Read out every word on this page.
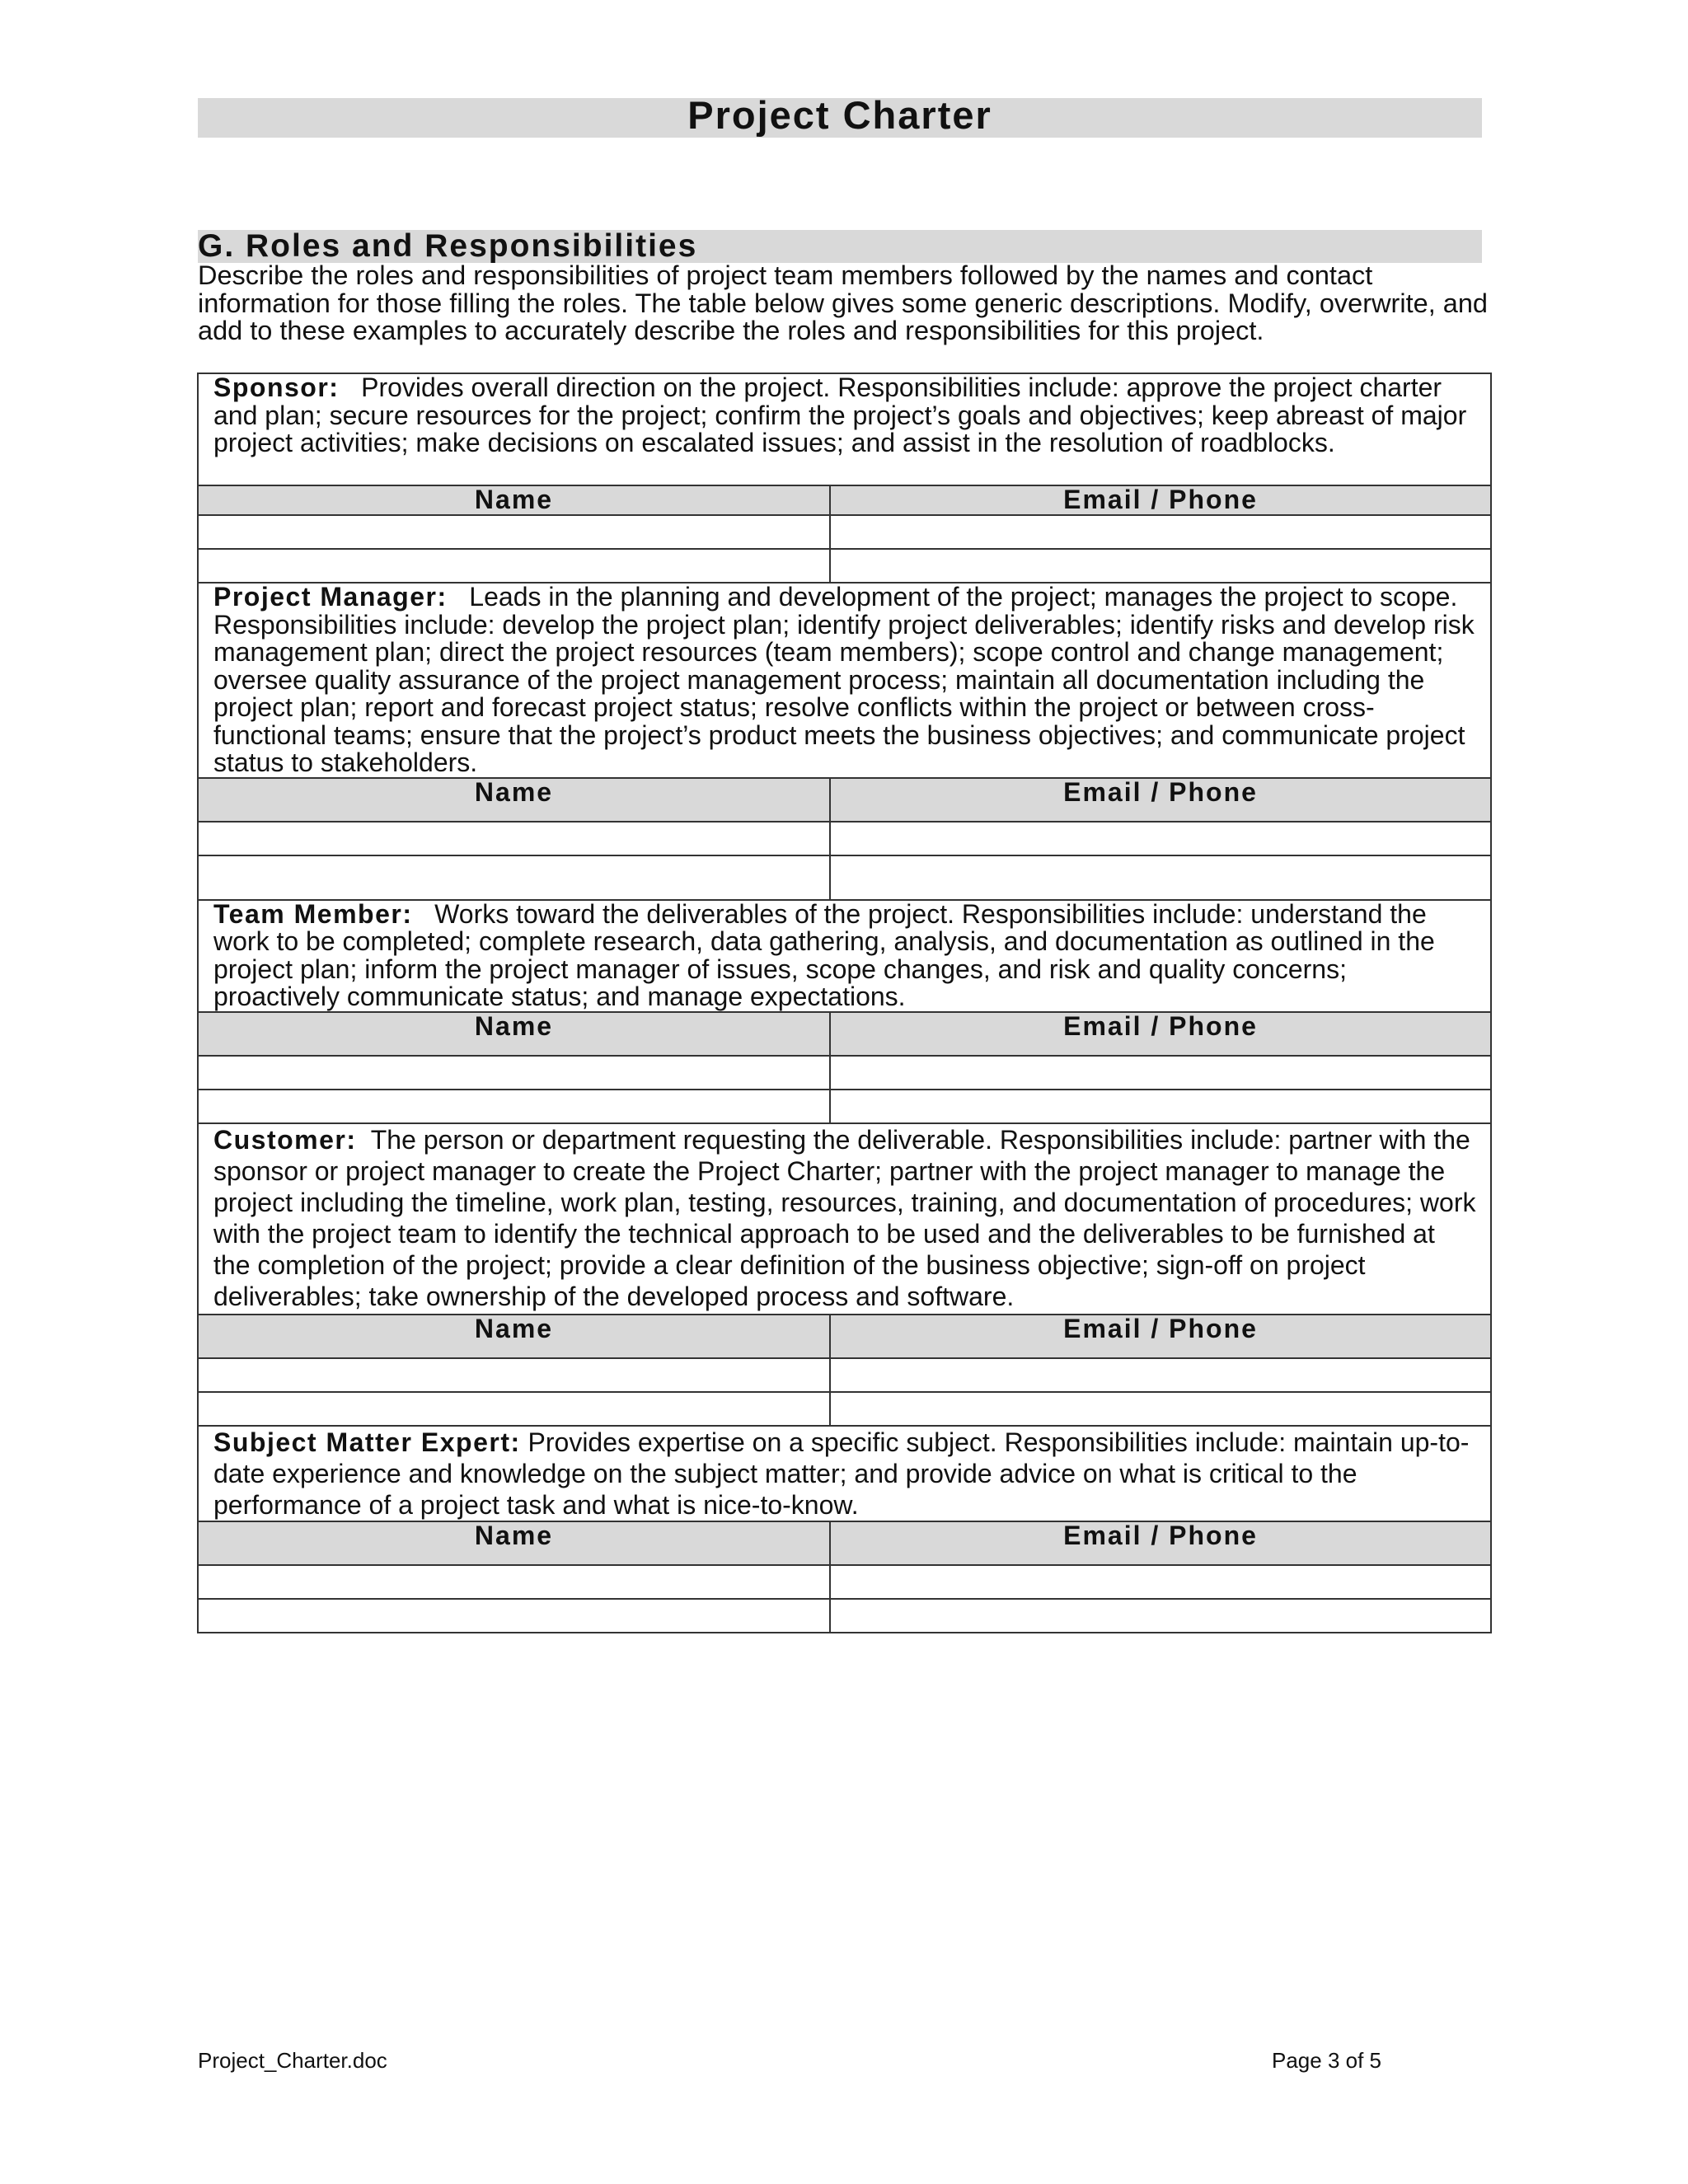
Project Charter
G. Roles and Responsibilities

Describe the roles and responsibilities of project team members followed by the names and contact information for those filling the roles. The table below gives some generic descriptions. Modify, overwrite, and add to these examples to accurately describe the roles and responsibilities for this project.

Sponsor: Provides overall direction on the project. Responsibilities include: approve the project charter and plan; secure resources for the project; confirm the project’s goals and objectives; keep abreast of major project activities; make decisions on escalated issues; and assist in the resolution of roadblocks.	
Name	Email / Phone

Project Manager: Leads in the planning and development of the project; manages the project to scope. Responsibilities include: develop the project plan; identify project deliverables; identify risks and develop risk management plan; direct the project resources (team members); scope control and change management; oversee quality assurance of the project management process; maintain all documentation including the project plan; report and forecast project status; resolve conflicts within the project or between cross-functional teams; ensure that the project’s product meets the business objectives; and communicate project status to stakeholders.	
Name	Email / Phone

Team Member: Works toward the deliverables of the project. Responsibilities include: understand the work to be completed; complete research, data gathering, analysis, and documentation as outlined in the project plan; inform the project manager of issues, scope changes, and risk and quality concerns; proactively communicate status; and manage expectations.	
Name	Email / Phone

Customer: The person or department requesting the deliverable. Responsibilities include: partner with the sponsor or project manager to create the Project Charter; partner with the project manager to manage the project including the timeline, work plan, testing, resources, training, and documentation of procedures; work with the project team to identify the technical approach to be used and the deliverables to be furnished at the completion of the project; provide a clear definition of the business objective; sign-off on project deliverables; take ownership of the developed process and software.	
Name	Email / Phone

Subject Matter Expert: Provides expertise on a specific subject. Responsibilities include: maintain up-to-date experience and knowledge on the subject matter; and provide advice on what is critical to the performance of a project task and what is nice-to-know.	
Name	Email / Phone

Project_Charter.doc	Page 3 of 5
